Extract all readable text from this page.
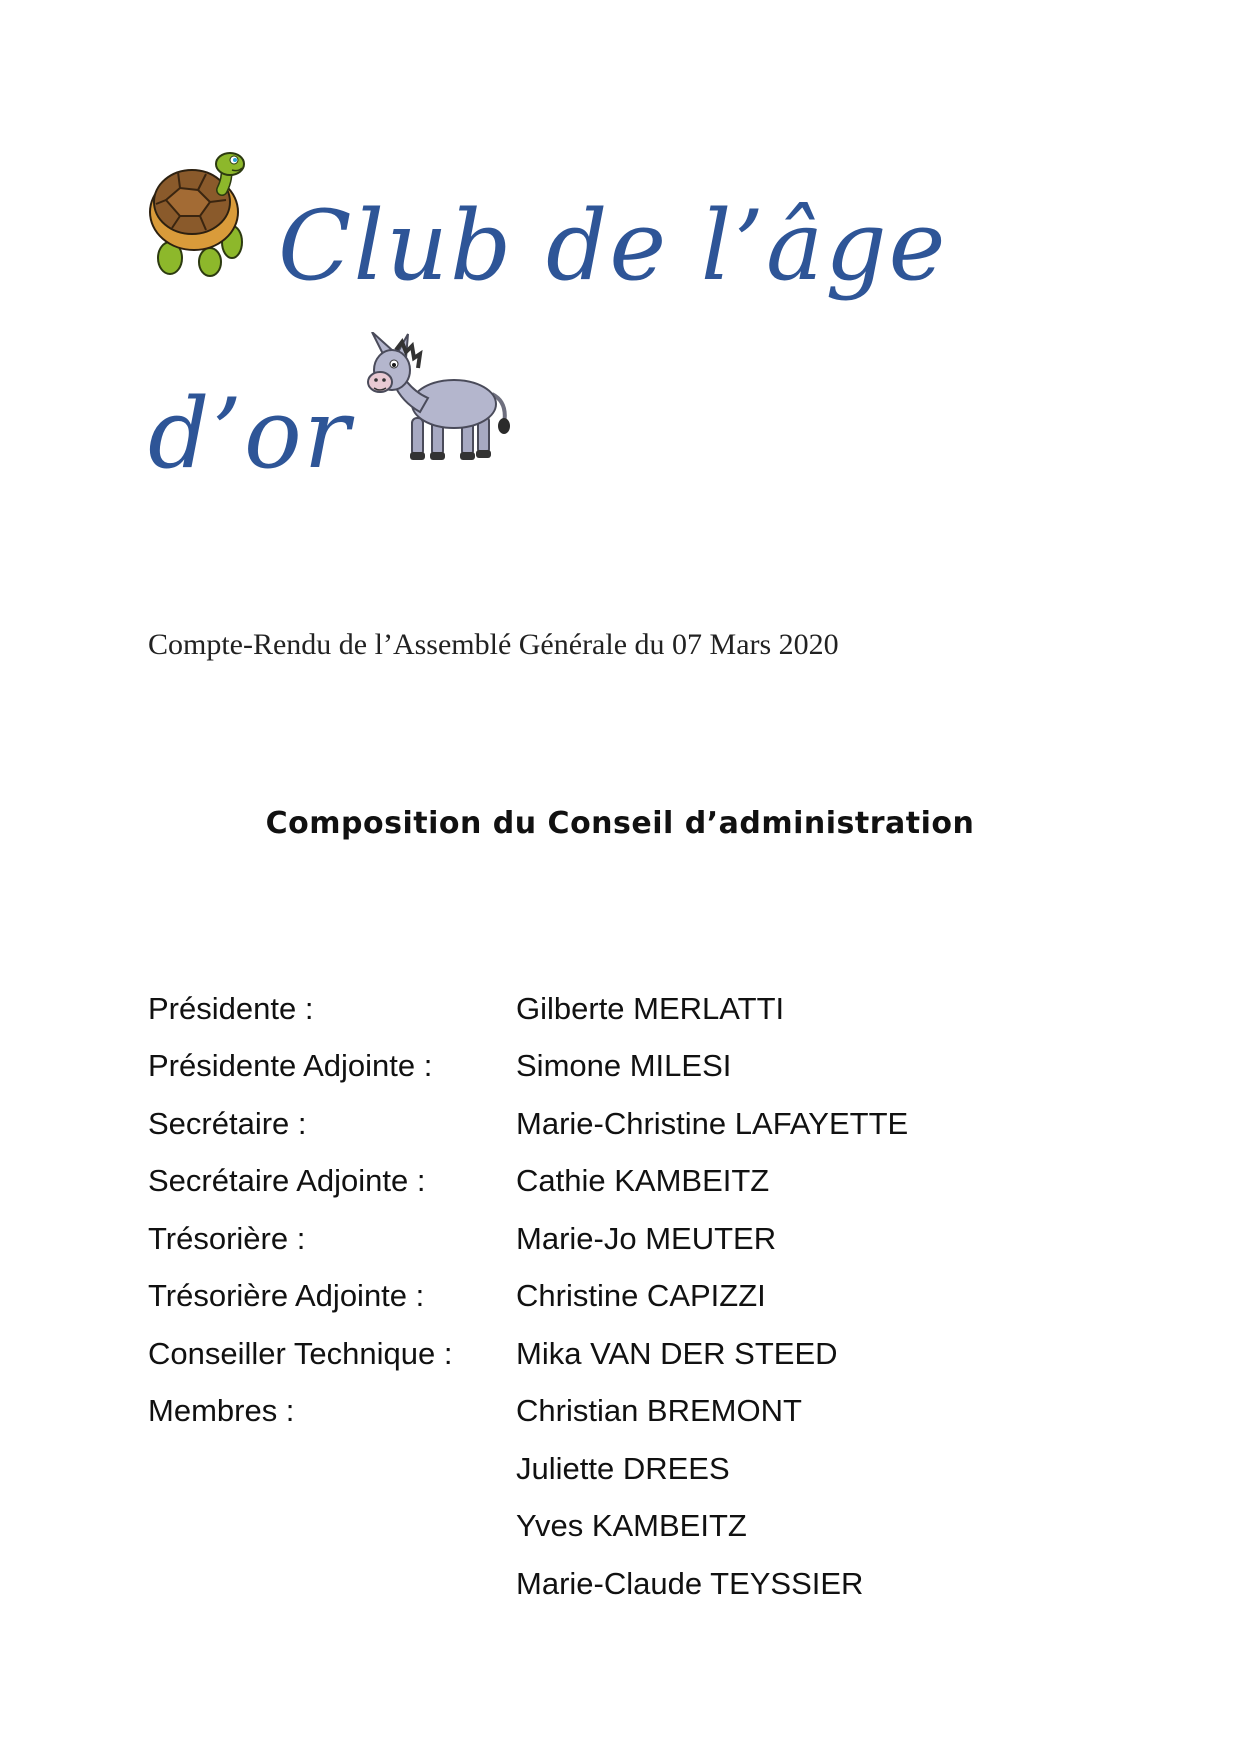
Club de l’âge
d’or
Compte-Rendu de l’Assemblé Générale du 07 Mars 2020
Composition du Conseil d’administration
Présidente :	Gilberte MERLATTI
Présidente Adjointe :	Simone MILESI
Secrétaire :	Marie-Christine LAFAYETTE
Secrétaire Adjointe :	Cathie KAMBEITZ
Trésorière :	Marie-Jo MEUTER
Trésorière Adjointe :	Christine CAPIZZI
Conseiller Technique :	Mika VAN DER STEED
Membres :	Christian BREMONT
Juliette DREES
Yves KAMBEITZ
Marie-Claude TEYSSIER
